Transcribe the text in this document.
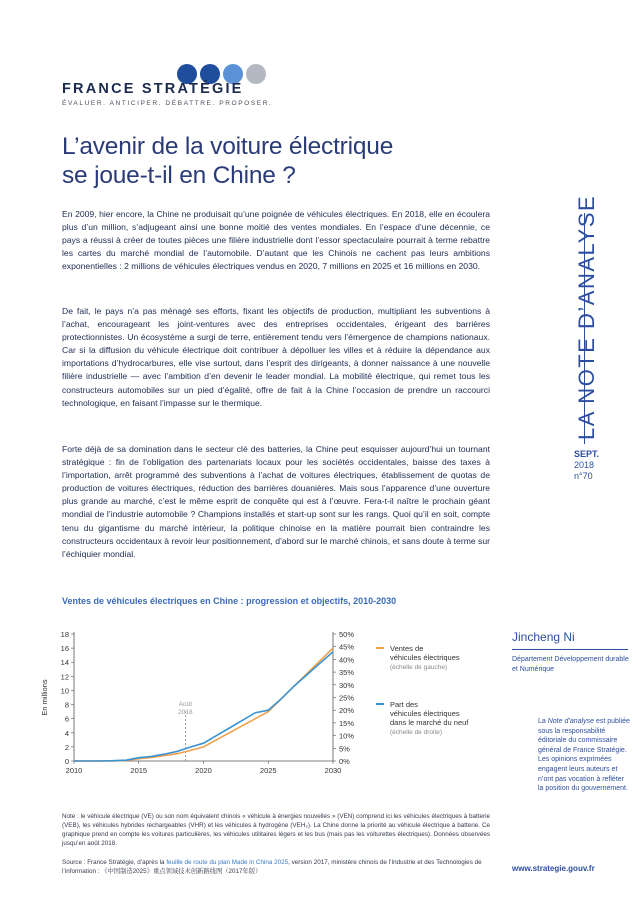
FRANCE STRATÉGIE
ÉVALUER. ANTICIPER. DÉBATTRE. PROPOSER.
L’avenir de la voiture électrique
se joue-t-il en Chine ?

En 2009, hier encore, la Chine ne produisait qu’une poignée de véhicules électriques. En 2018, elle en écoulera plus d’un million, s’adjugeant ainsi une bonne moitié des ventes mondiales. En l’espace d’une décennie, ce pays a réussi à créer de toutes pièces une filière industrielle dont l’essor spectaculaire pourrait à terme rebattre les cartes du marché mondial de l’automobile. D’autant que les Chinois ne cachent pas leurs ambitions exponentielles : 2 millions de véhicules électriques vendus en 2020, 7 millions en 2025 et 16 millions en 2030.

De fait, le pays n’a pas ménagé ses efforts, fixant les objectifs de production, multipliant les subventions à l’achat, encourageant les joint-ventures avec des entreprises occidentales, érigeant des barrières protectionnistes. Un écosystème a surgi de terre, entièrement tendu vers l’émergence de champions nationaux. Car si la diffusion du véhicule électrique doit contribuer à dépolluer les villes et à réduire la dépendance aux importations d’hydrocarbures, elle vise surtout, dans l’esprit des dirigeants, à donner naissance à une nouvelle filière industrielle — avec l’ambition d’en devenir le leader mondial. La mobilité électrique, qui remet tous les constructeurs automobiles sur un pied d’égalité, offre de fait à la Chine l’occasion de prendre un raccourci technologique, en faisant l’impasse sur le thermique.

Forte déjà de sa domination dans le secteur clé des batteries, la Chine peut esquisser aujourd’hui un tournant stratégique : fin de l’obligation des partenariats locaux pour les sociétés occidentales, baisse des taxes à l’importation, arrêt programmé des subventions à l’achat de voitures électriques, établissement de quotas de production de voitures électriques, réduction des barrières douanières. Mais sous l’apparence d’une ouverture plus grande au marché, c’est le même esprit de conquête qui est à l’œuvre. Fera-t-il naître le prochain géant mondial de l’industrie automobile ? Champions installés et start-up sont sur les rangs. Quoi qu’il en soit, compte tenu du gigantisme du marché intérieur, la politique chinoise en la matière pourrait bien contraindre les constructeurs occidentaux à revoir leur positionnement, d’abord sur le marché chinois, et sans doute à terme sur l’échiquier mondial.

Ventes de véhicules électriques en Chine : progression et objectifs, 2010-2030
0
2
4
6
8
10
12
14
16
18
0%
5%
10%
15%
20%
25%
30%
35%
40%
45%
50%
2010	2015	2020	2025	2030
En millions	Août
2018
Ventes de
véhicules électriques
(échelle de gauche)
Part des
véhicules électriques
dans le marché du neuf
(échelle de droite)

Note : le véhicule électrique (VE) ou son nom équivalent chinois « véhicule à énergies nouvelles » (VEN) comprend ici les véhicules électriques à batterie (VEB), les véhicules hybrides rechargeables (VHR) et les véhicules à hydrogène (VEH₂). La Chine donne la priorité au véhicule électrique à batterie. Ce graphique prend en compte les voitures particulières, les véhicules utilitaires légers et les bus (mais pas les voiturettes électriques). Données observées jusqu’en août 2018.

Source : France Stratégie, d’après la feuille de route du plan Made in China 2025, version 2017, ministère chinois de l’Industrie et des Technologies de l’information : 《中国制造2025》重点领域技术创新路线图（2017年版）

LA NOTE D’ANALYSE
SEPT.
2018
n°70
Jincheng Ni
Département Développement durable et Numérique

La Note d’analyse est publiée sous la responsabilité éditoriale du commissaire général de France Stratégie. Les opinions exprimées engagent leurs auteurs et n’ont pas vocation à refléter la position du gouvernement.

www.strategie.gouv.fr
